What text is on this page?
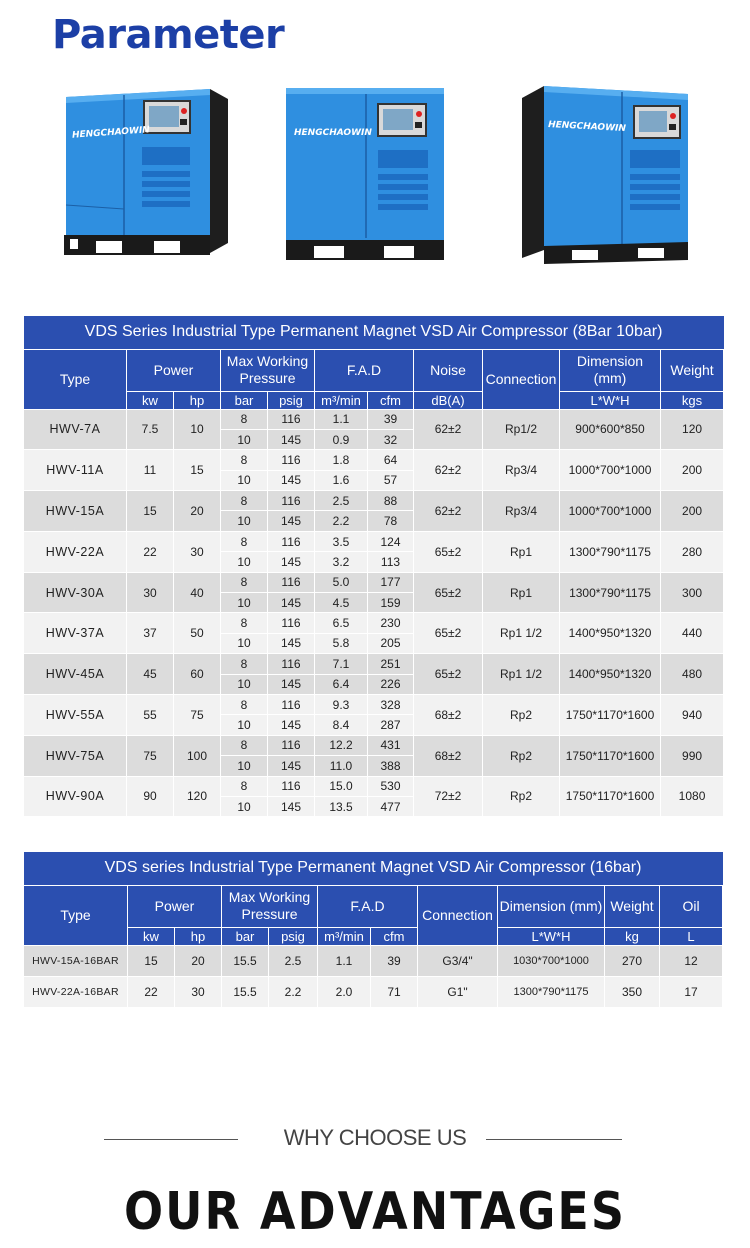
Parameter
HENGCHAOWIN	HENGCHAOWIN	HENGCHAOWIN
VDS Series Industrial Type Permanent Magnet VSD Air Compressor (8Bar 10bar)										
Type	Power		Max Working Pressure		F.A.D		Noise	Connection	Dimension (mm)	Weight
	kw	hp	bar	psig	m³/min	cfm	dB(A)		L*W*H	kgs
HWV-7A	7.5	10	8	116	1.1	39	62±2	Rp1/2	900*600*850	120
			10	145	0.9	32				
HWV-11A	11	15	8	116	1.8	64	62±2	Rp3/4	1000*700*1000	200
			10	145	1.6	57				
HWV-15A	15	20	8	116	2.5	88	62±2	Rp3/4	1000*700*1000	200
			10	145	2.2	78				
HWV-22A	22	30	8	116	3.5	124	65±2	Rp1	1300*790*1175	280
			10	145	3.2	113				
HWV-30A	30	40	8	116	5.0	177	65±2	Rp1	1300*790*1175	300
			10	145	4.5	159				
HWV-37A	37	50	8	116	6.5	230	65±2	Rp1 1/2	1400*950*1320	440
			10	145	5.8	205				
HWV-45A	45	60	8	116	7.1	251	65±2	Rp1 1/2	1400*950*1320	480
			10	145	6.4	226				
HWV-55A	55	75	8	116	9.3	328	68±2	Rp2	1750*1170*1600	940
			10	145	8.4	287				
HWV-75A	75	100	8	116	12.2	431	68±2	Rp2	1750*1170*1600	990
			10	145	11.0	388				
HWV-90A	90	120	8	116	15.0	530	72±2	Rp2	1750*1170*1600	1080
			10	145	13.5	477				
VDS series Industrial Type Permanent Magnet VSD Air Compressor (16bar)										
Type	Power		Max Working Pressure		F.A.D		Connection	Dimension (mm)	Weight	Oil
	kw	hp	bar	psig	m³/min	cfm		L*W*H	kg	L
HWV-15A-16BAR	15	20	15.5	2.5	1.1	39	G3/4"	1030*700*1000	270	12
HWV-22A-16BAR	22	30	15.5	2.2	2.0	71	G1"	1300*790*1175	350	17
WHY CHOOSE US
OUR ADVANTAGES
